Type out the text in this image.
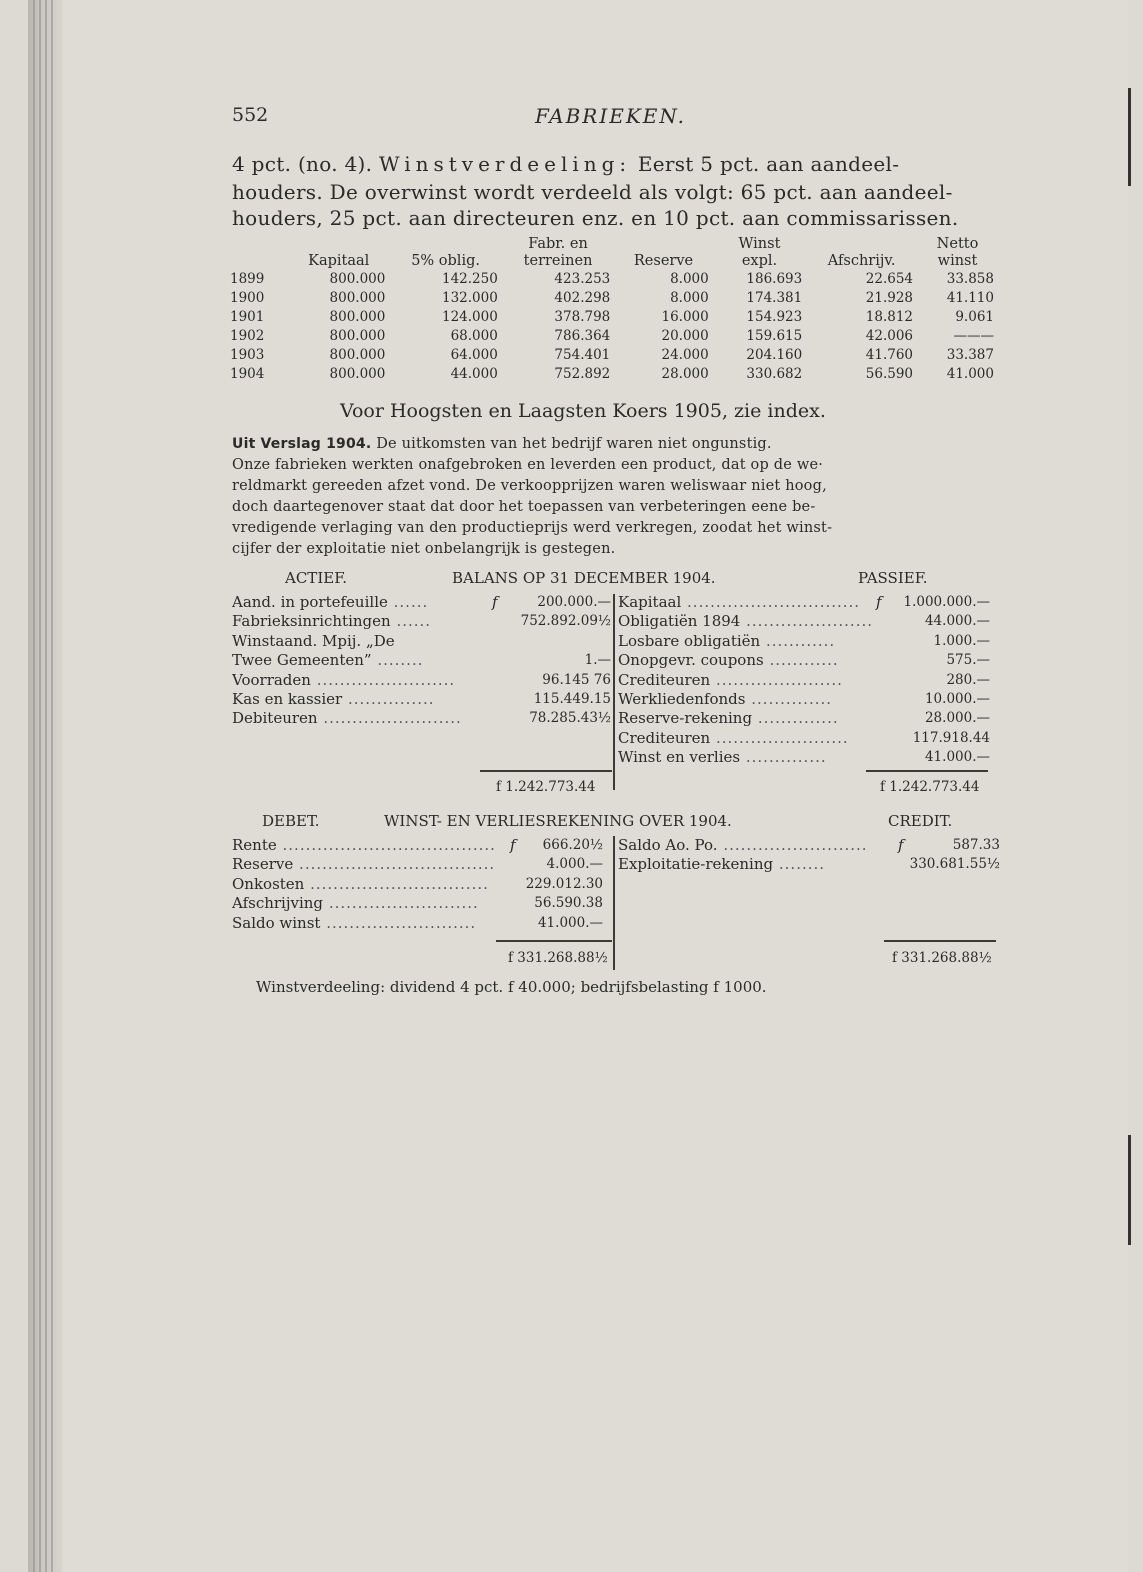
552	FABRIEKEN.
4 pct. (no. 4). Winstverdeeling: Eerst 5 pct. aan aandeel-
houders. De overwinst wordt verdeeld als volgt: 65 pct. aan aandeel-
houders, 25 pct. aan directeuren enz. en 10 pct. aan commissarissen.
			Fabr. en		Winst		Netto
	Kapitaal	5% oblig.	terreinen	Reserve	expl.	Afschrijv.	winst
1899	800.000	142.250	423.253	8.000	186.693	22.654	33.858
1900	800.000	132.000	402.298	8.000	174.381	21.928	41.110
1901	800.000	124.000	378.798	16.000	154.923	18.812	9.061
1902	800.000	68.000	786.364	20.000	159.615	42.006	———
1903	800.000	64.000	754.401	24.000	204.160	41.760	33.387
1904	800.000	44.000	752.892	28.000	330.682	56.590	41.000
Voor Hoogsten en Laagsten Koers 1905, zie index.
Uit Verslag 1904. De uitkomsten van het bedrijf waren niet ongunstig.
Onze fabrieken werkten onafgebroken en leverden een product, dat op de we·
reldmarkt gereeden afzet vond. De verkoopprijzen waren weliswaar niet hoog,
doch daartegenover staat dat door het toepassen van verbeteringen eene be-
vredigende verlaging van den productieprijs werd verkregen, zoodat het winst-
cijfer der exploitatie niet onbelangrijk is gestegen.
ACTIEF.	BALANS OP 31 DECEMBER 1904.	PASSIEF.
Aand. in portefeuille ......	f	200.000.—
Fabrieksinrichtingen ......	752.892.09½
Winstaand. Mpij. „De
Twee Gemeenten” ........	1.—
Voorraden ........................	96.145 76
Kas en kassier ...............	115.449.15
Debiteuren ........................	78.285.43½
Kapitaal ..............................	f 1.000.000.—
Obligatiën 1894 ......................	44.000.—
Losbare obligatiën ............	1.000.—
Onopgevr. coupons ............	575.—
Crediteuren ......................	280.—
Werkliedenfonds ..............	10.000.—
Reserve-rekening ..............	28.000.—
Crediteuren .......................	117.918.44
Winst en verlies ..............	41.000.—
f 1.242.773.44	f 1.242.773.44
DEBET.	WINST- EN VERLIESREKENING OVER 1904.	CREDIT.
Rente ..................................... f 666.20½
Reserve ..................................	4.000.—
Onkosten ...............................	229.012.30
Afschrijving ..........................	56.590.38
Saldo winst ..........................	41.000.—
Saldo Ao. Po. .........................	f	587.33
Exploitatie-rekening ........	330.681.55½
f 331.268.88½	f 331.268.88½
Winstverdeeling: dividend 4 pct. f 40.000; bedrijfsbelasting f 1000.
